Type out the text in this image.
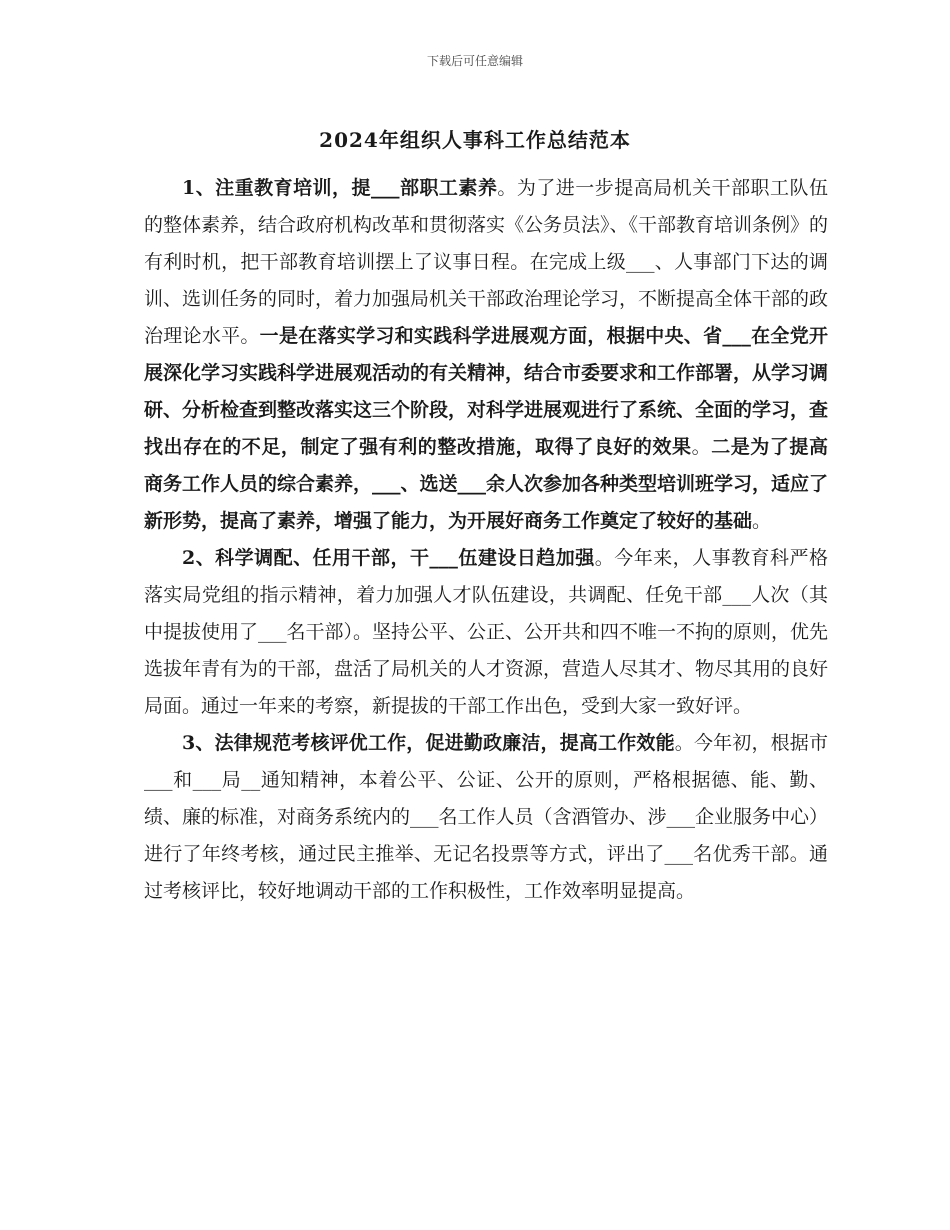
下载后可任意编辑
2024年组织人事科工作总结范本

1、注重教育培训，提___部职工素养。为了进一步提高局机关干部职工队伍的整体素养，结合政府机构改革和贯彻落实《公务员法》、《干部教育培训条例》的有利时机，把干部教育培训摆上了议事日程。在完成上级___、人事部门下达的调训、选训任务的同时，着力加强局机关干部政治理论学习，不断提高全体干部的政治理论水平。一是在落实学习和实践科学进展观方面，根据中央、省___在全党开展深化学习实践科学进展观活动的有关精神，结合市委要求和工作部署，从学习调研、分析检查到整改落实这三个阶段，对科学进展观进行了系统、全面的学习，查找出存在的不足，制定了强有利的整改措施，取得了良好的效果。二是为了提高商务工作人员的综合素养，___、选送___余人次参加各种类型培训班学习，适应了新形势，提高了素养，增强了能力，为开展好商务工作奠定了较好的基础。

2、科学调配、任用干部，干___伍建设日趋加强。今年来，人事教育科严格落实局党组的指示精神，着力加强人才队伍建设，共调配、任免干部___人次（其中提拔使用了___名干部）。坚持公平、公正、公开共和四不唯一不拘的原则，优先选拔年青有为的干部，盘活了局机关的人才资源，营造人尽其才、物尽其用的良好局面。通过一年来的考察，新提拔的干部工作出色，受到大家一致好评。

3、法律规范考核评优工作，促进勤政廉洁，提高工作效能。今年初，根据市___和___局__通知精神，本着公平、公证、公开的原则，严格根据德、能、勤、绩、廉的标准，对商务系统内的___名工作人员（含酒管办、涉___企业服务中心）进行了年终考核，通过民主推举、无记名投票等方式，评出了___名优秀干部。通过考核评比，较好地调动干部的工作积极性，工作效率明显提高。
